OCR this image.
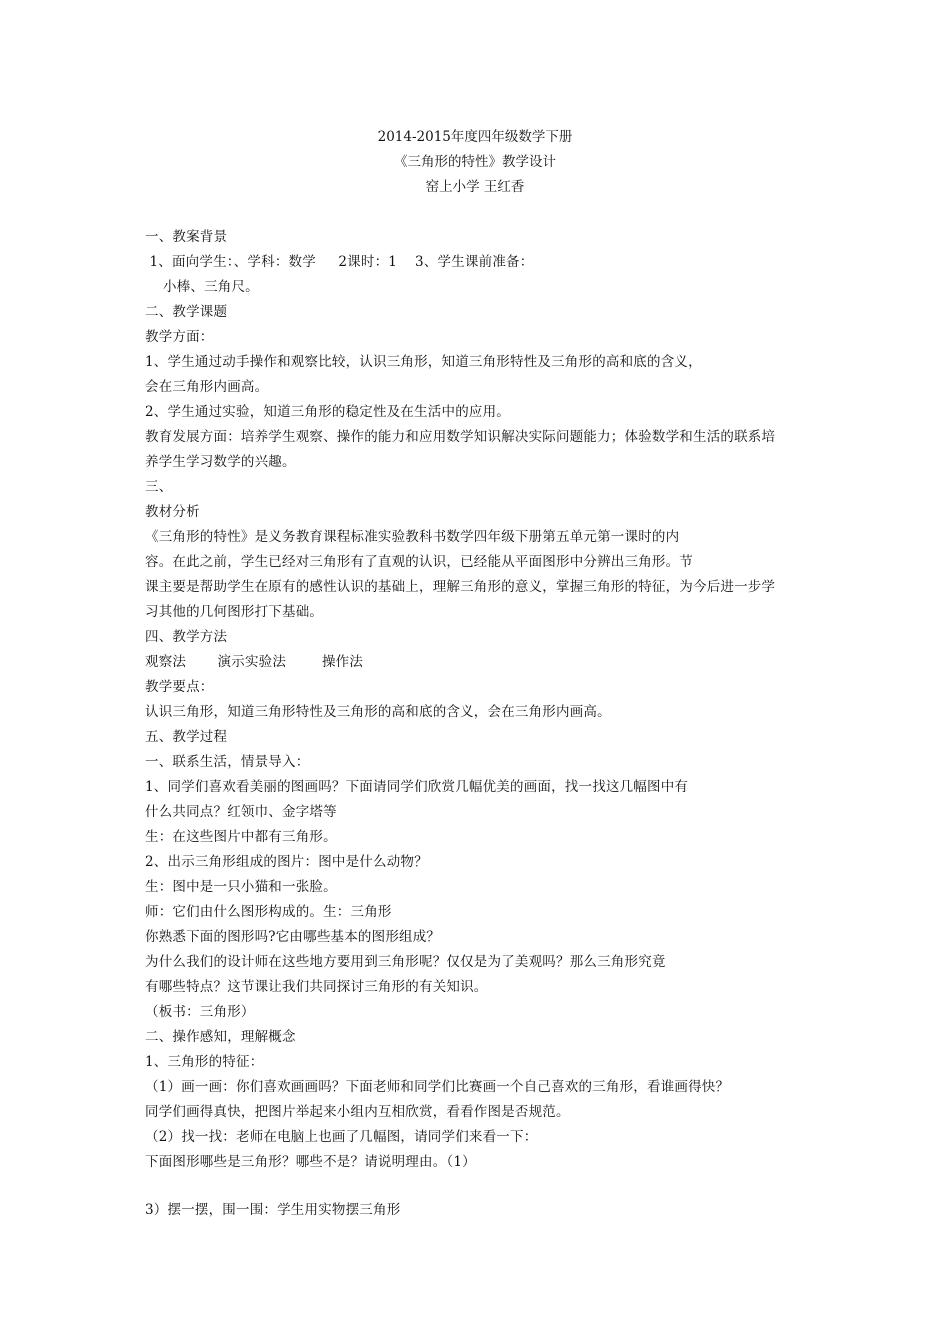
2014-2015年度四年级数学下册
《三角形的特性》教学设计
窑上小学 王红香
一、教案背景
1、面向学生：、学科：数学     2课时：1    3、学生课前准备：
小棒、三角尺。
二、教学课题
教学方面：
1、学生通过动手操作和观察比较，认识三角形，知道三角形特性及三角形的高和底的含义，
会在三角形内画高。
2、学生通过实验，知道三角形的稳定性及在生活中的应用。
教育发展方面：培养学生观察、操作的能力和应用数学知识解决实际问题能力；体验数学和生活的联系培
养学生学习数学的兴趣。
三、
教材分析
《三角形的特性》是义务教育课程标准实验教科书数学四年级下册第五单元第一课时的内
容。在此之前，学生已经对三角形有了直观的认识，已经能从平面图形中分辨出三角形。节
课主要是帮助学生在原有的感性认识的基础上，理解三角形的意义，掌握三角形的特征，为今后进一步学
习其他的几何图形打下基础。
四、教学方法
观察法       演示实验法        操作法
教学要点：
认识三角形，知道三角形特性及三角形的高和底的含义，会在三角形内画高。
五、教学过程
一、联系生活，情景导入：
1、同学们喜欢看美丽的图画吗？下面请同学们欣赏几幅优美的画面，找一找这几幅图中有
什么共同点？红领巾、金字塔等
生：在这些图片中都有三角形。
2、出示三角形组成的图片：图中是什么动物？
生：图中是一只小猫和一张脸。
师：它们由什么图形构成的。生：三角形
你熟悉下面的图形吗?它由哪些基本的图形组成？
为什么我们的设计师在这些地方要用到三角形呢？仅仅是为了美观吗？那么三角形究竟
有哪些特点？这节课让我们共同探讨三角形的有关知识。
（板书：三角形）
二、操作感知，理解概念
1、三角形的特征：
（1）画一画：你们喜欢画画吗？下面老师和同学们比赛画一个自己喜欢的三角形，看谁画得快？
同学们画得真快，把图片举起来小组内互相欣赏，看看作图是否规范。
（2）找一找：老师在电脑上也画了几幅图，请同学们来看一下：
下面图形哪些是三角形？哪些不是？请说明理由。（1）
3）摆一摆，围一围：学生用实物摆三角形
